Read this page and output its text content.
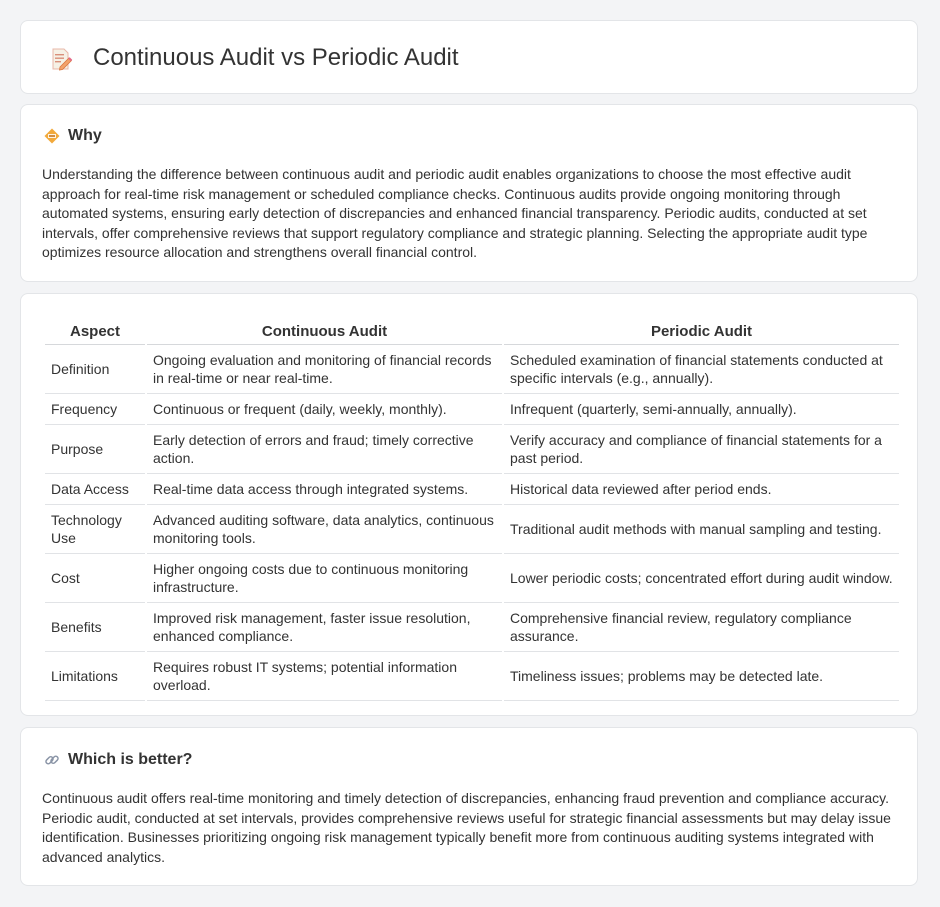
Continuous Audit vs Periodic Audit
Why

Understanding the difference between continuous audit and periodic audit enables organizations to choose the most effective audit approach for real-time risk management or scheduled compliance checks. Continuous audits provide ongoing monitoring through automated systems, ensuring early detection of discrepancies and enhanced financial transparency. Periodic audits, conducted at set intervals, offer comprehensive reviews that support regulatory compliance and strategic planning. Selecting the appropriate audit type optimizes resource allocation and strengthens overall financial control.

Aspect	Continuous Audit	Periodic Audit
Definition	Ongoing evaluation and monitoring of financial records in real-time or near real-time.	Scheduled examination of financial statements conducted at specific intervals (e.g., annually).
Frequency	Continuous or frequent (daily, weekly, monthly).	Infrequent (quarterly, semi-annually, annually).
Purpose	Early detection of errors and fraud; timely corrective action.	Verify accuracy and compliance of financial statements for a past period.
Data Access	Real-time data access through integrated systems.	Historical data reviewed after period ends.
Technology Use	Advanced auditing software, data analytics, continuous monitoring tools.	Traditional audit methods with manual sampling and testing.
Cost	Higher ongoing costs due to continuous monitoring infrastructure.	Lower periodic costs; concentrated effort during audit window.
Benefits	Improved risk management, faster issue resolution, enhanced compliance.	Comprehensive financial review, regulatory compliance assurance.
Limitations	Requires robust IT systems; potential information overload.	Timeliness issues; problems may be detected late.
Which is better?

Continuous audit offers real-time monitoring and timely detection of discrepancies, enhancing fraud prevention and compliance accuracy. Periodic audit, conducted at set intervals, provides comprehensive reviews useful for strategic financial assessments but may delay issue identification. Businesses prioritizing ongoing risk management typically benefit more from continuous auditing systems integrated with advanced analytics.
